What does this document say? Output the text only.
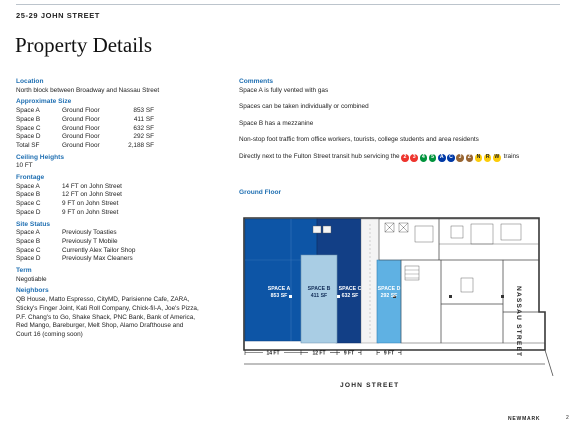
25-29 JOHN STREET
Property Details
Location
North block between Broadway and Nassau Street
Approximate Size
Space A	Ground Floor	853 SF
Space B	Ground Floor	411 SF
Space C	Ground Floor	632 SF
Space D	Ground Floor	292 SF
Total SF	Ground Floor	2,188 SF
Ceiling Heights
10 FT
Frontage
Space A	14 FT on John Street
Space B	12 FT on John Street
Space C	9 FT on John Street
Space D	9 FT on John Street
Site Status
Space A	Previously Toasties
Space B	Previously T Mobile
Space C	Currently Alex Tailor Shop
Space D	Previously Max Cleaners
Term
Negotiable
Neighbors
QB House, Matto Espresso, CityMD, Parisienne Cafe, ZARA,
Sticky's Finger Joint, Kati Roll Company, Chick-fil-A, Joe's Pizza,
P.F. Chang's to Go, Shake Shack, PNC Bank, Bank of America,
Red Mango, Bareburger, Melt Shop, Alamo Drafthouse and
Court 16 (coming soon)
Comments
Space A is fully vented with gas
Spaces can be taken individually or combined
Space B has a mezzanine
Non-stop foot traffic from office workers, tourists, college students and area residents
Directly next to the Fulton Street transit hub servicing the 2 3 4 5 A C J Z N R W trains
Ground Floor
SPACE A
853 SF
SPACE B
411 SF
SPACE C
632 SF
SPACE D
292 SF
14 FT	12 FT	9 FT	9 FT
JOHN STREET
NASSAU STREET
NEWMARK	2
